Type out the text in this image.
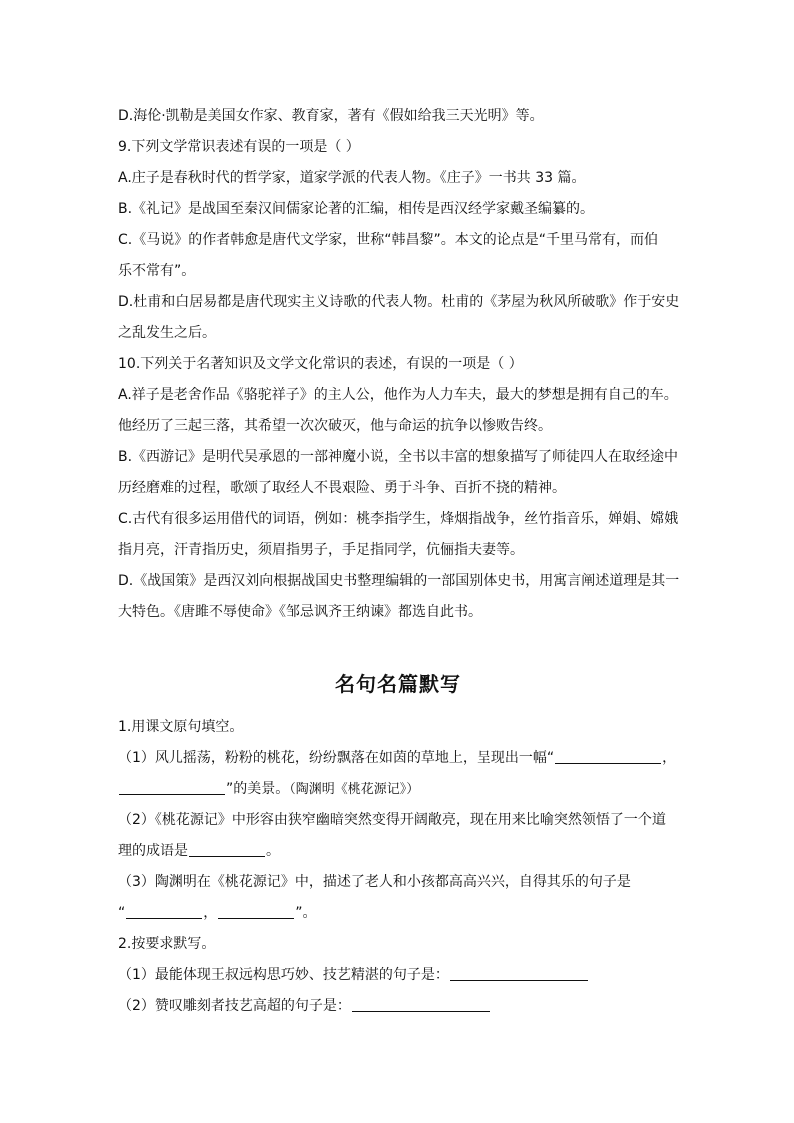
D.海伦·凯勒是美国女作家、教育家，著有《假如给我三天光明》等。
9.下列文学常识表述有误的一项是（ ）
A.庄子是春秋时代的哲学家，道家学派的代表人物。《庄子》一书共 33 篇。
B.《礼记》是战国至秦汉间儒家论著的汇编，相传是西汉经学家戴圣编纂的。
C.《马说》的作者韩愈是唐代文学家，世称“韩昌黎”。本文的论点是“千里马常有，而伯
乐不常有”。
D.杜甫和白居易都是唐代现实主义诗歌的代表人物。杜甫的《茅屋为秋风所破歌》作于安史
之乱发生之后。
10.下列关于名著知识及文学文化常识的表述，有误的一项是（ ）
A.祥子是老舍作品《骆驼祥子》的主人公，他作为人力车夫，最大的梦想是拥有自己的车。
他经历了三起三落，其希望一次次破灭，他与命运的抗争以惨败告终。
B.《西游记》是明代吴承恩的一部神魔小说，全书以丰富的想象描写了师徒四人在取经途中
历经磨难的过程，歌颂了取经人不畏艰险、勇于斗争、百折不挠的精神。
C.古代有很多运用借代的词语，例如：桃李指学生，烽烟指战争，丝竹指音乐，婵娟、嫦娥
指月亮，汗青指历史，须眉指男子，手足指同学，伉俪指夫妻等。
D.《战国策》是西汉刘向根据战国史书整理编辑的一部国别体史书，用寓言阐述道理是其一
大特色。《唐雎不辱使命》《邹忌讽齐王纳谏》都选自此书。
名句名篇默写
1.用课文原句填空。
（1）风儿摇荡，粉粉的桃花，纷纷飘落在如茵的草地上，呈现出一幅“	，
”的美景。（陶渊明《桃花源记》）
（2）《桃花源记》中形容由狭窄幽暗突然变得开阔敞亮，现在用来比喻突然领悟了一个道
理的成语是	。
（3）陶渊明在《桃花源记》中，描述了老人和小孩都高高兴兴，自得其乐的句子是
“	，	”。
2.按要求默写。
（1）最能体现王叔远构思巧妙、技艺精湛的句子是：
（2）赞叹雕刻者技艺高超的句子是：
